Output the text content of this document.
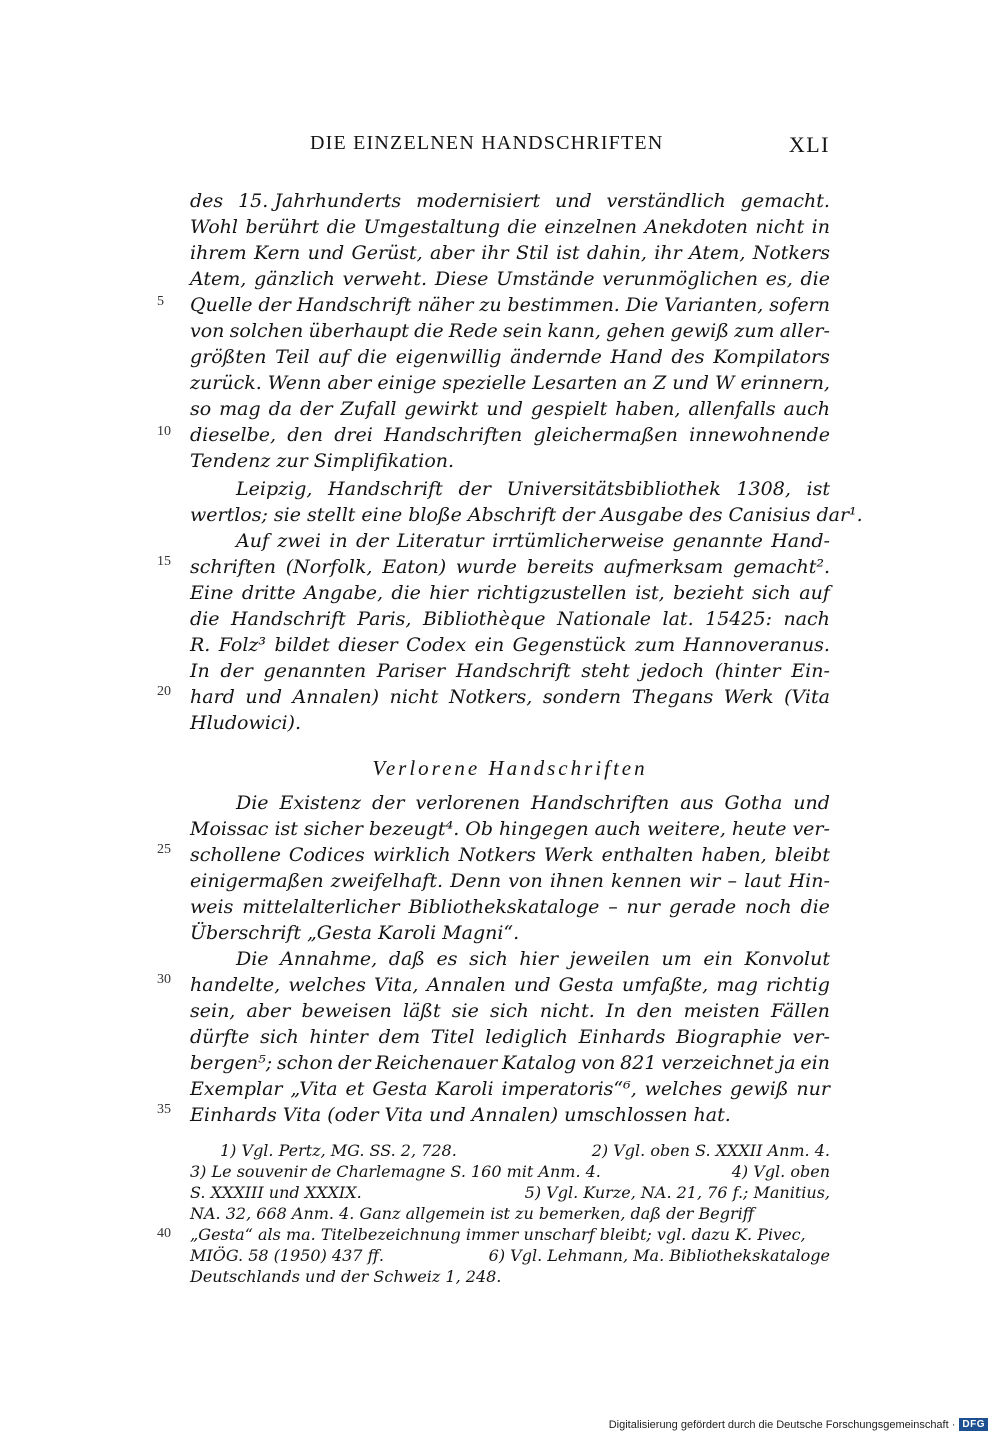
DIE EINZELNEN HANDSCHRIFTEN	XLI
des 15. Jahrhunderts modernisiert und verständlich gemacht.
Wohl berührt die Umgestaltung die einzelnen Anekdoten nicht in
ihrem Kern und Gerüst, aber ihr Stil ist dahin, ihr Atem, Notkers
Atem, gänzlich verweht. Diese Umstände verunmöglichen es, die
Quelle der Handschrift näher zu bestimmen. Die Varianten, sofern
von solchen überhaupt die Rede sein kann, gehen gewiß zum aller-
größten Teil auf die eigenwillig ändernde Hand des Kompilators
zurück. Wenn aber einige spezielle Lesarten an Z und W erinnern,
so mag da der Zufall gewirkt und gespielt haben, allenfalls auch
dieselbe, den drei Handschriften gleichermaßen innewohnende
Tendenz zur Simplifikation.
Leipzig, Handschrift der Universitätsbibliothek 1308, ist
wertlos; sie stellt eine bloße Abschrift der Ausgabe des Canisius dar¹.
Auf zwei in der Literatur irrtümlicherweise genannte Hand-
schriften (Norfolk, Eaton) wurde bereits aufmerksam gemacht².
Eine dritte Angabe, die hier richtigzustellen ist, bezieht sich auf
die Handschrift Paris, Bibliothèque Nationale lat. 15425: nach
R. Folz³ bildet dieser Codex ein Gegenstück zum Hannoveranus.
In der genannten Pariser Handschrift steht jedoch (hinter Ein-
hard und Annalen) nicht Notkers, sondern Thegans Werk (Vita
Hludowici).
Die Existenz der verlorenen Handschriften aus Gotha und
Moissac ist sicher bezeugt⁴. Ob hingegen auch weitere, heute ver-
schollene Codices wirklich Notkers Werk enthalten haben, bleibt
einigermaßen zweifelhaft. Denn von ihnen kennen wir – laut Hin-
weis mittelalterlicher Bibliothekskataloge – nur gerade noch die
Überschrift „Gesta Karoli Magni“.
Die Annahme, daß es sich hier jeweilen um ein Konvolut
handelte, welches Vita, Annalen und Gesta umfaßte, mag richtig
sein, aber beweisen läßt sie sich nicht. In den meisten Fällen
dürfte sich hinter dem Titel lediglich Einhards Biographie ver-
bergen⁵; schon der Reichenauer Katalog von 821 verzeichnet ja ein
Exemplar „Vita et Gesta Karoli imperatoris“⁶, welches gewiß nur
Einhards Vita (oder Vita und Annalen) umschlossen hat.
Verlorene Handschriften
5
10
15
20
25
30
35
40
1) Vgl. Pertz, MG. SS. 2, 728.	2) Vgl. oben S. XXXII Anm. 4.
3) Le souvenir de Charlemagne S. 160 mit Anm. 4.	4) Vgl. oben
S. XXXIII und XXXIX.	5) Vgl. Kurze, NA. 21, 76 f.; Manitius,
NA. 32, 668 Anm. 4. Ganz allgemein ist zu bemerken, daß der Begriff
„Gesta“ als ma. Titelbezeichnung immer unscharf bleibt; vgl. dazu K. Pivec,
MIÖG. 58 (1950) 437 ff.	6) Vgl. Lehmann, Ma. Bibliothekskataloge
Deutschlands und der Schweiz 1, 248.
Digitalisierung gefördert durch die Deutsche Forschungsgemeinschaft · DFG
